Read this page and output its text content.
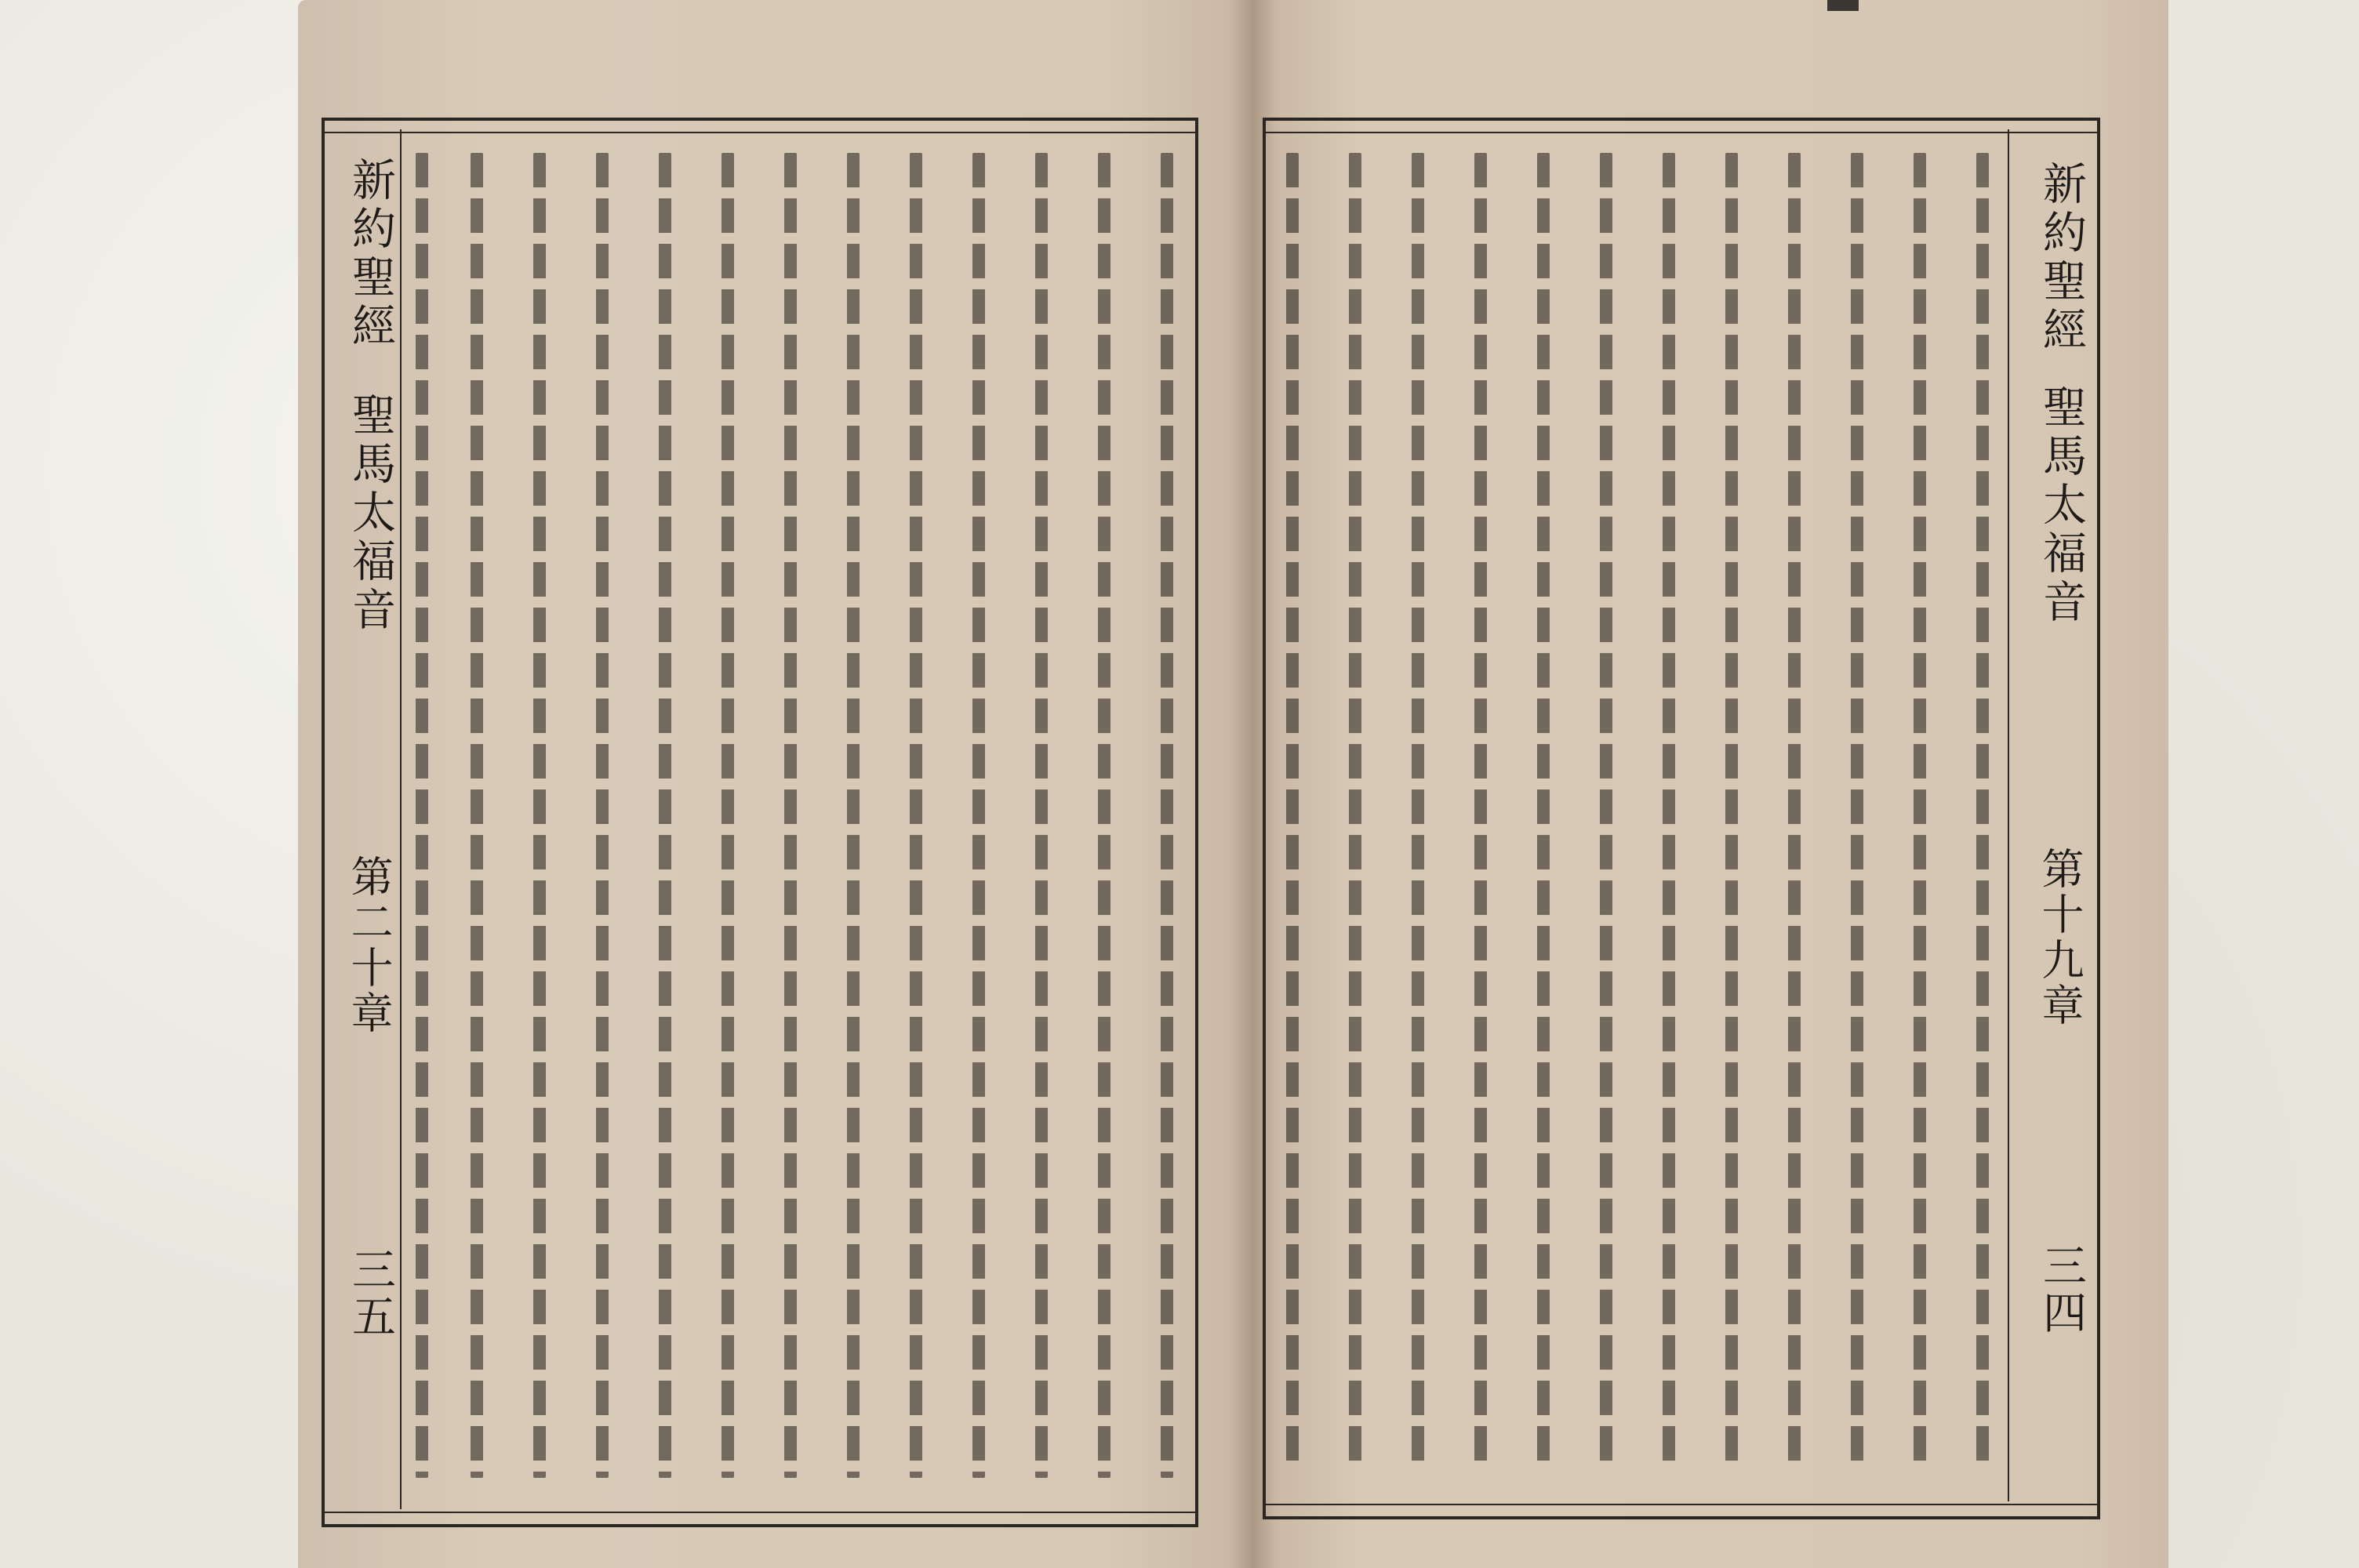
新約聖經
聖馬太福音
第二十章
三五
新約聖經
聖馬太福音
第十九章
三四
